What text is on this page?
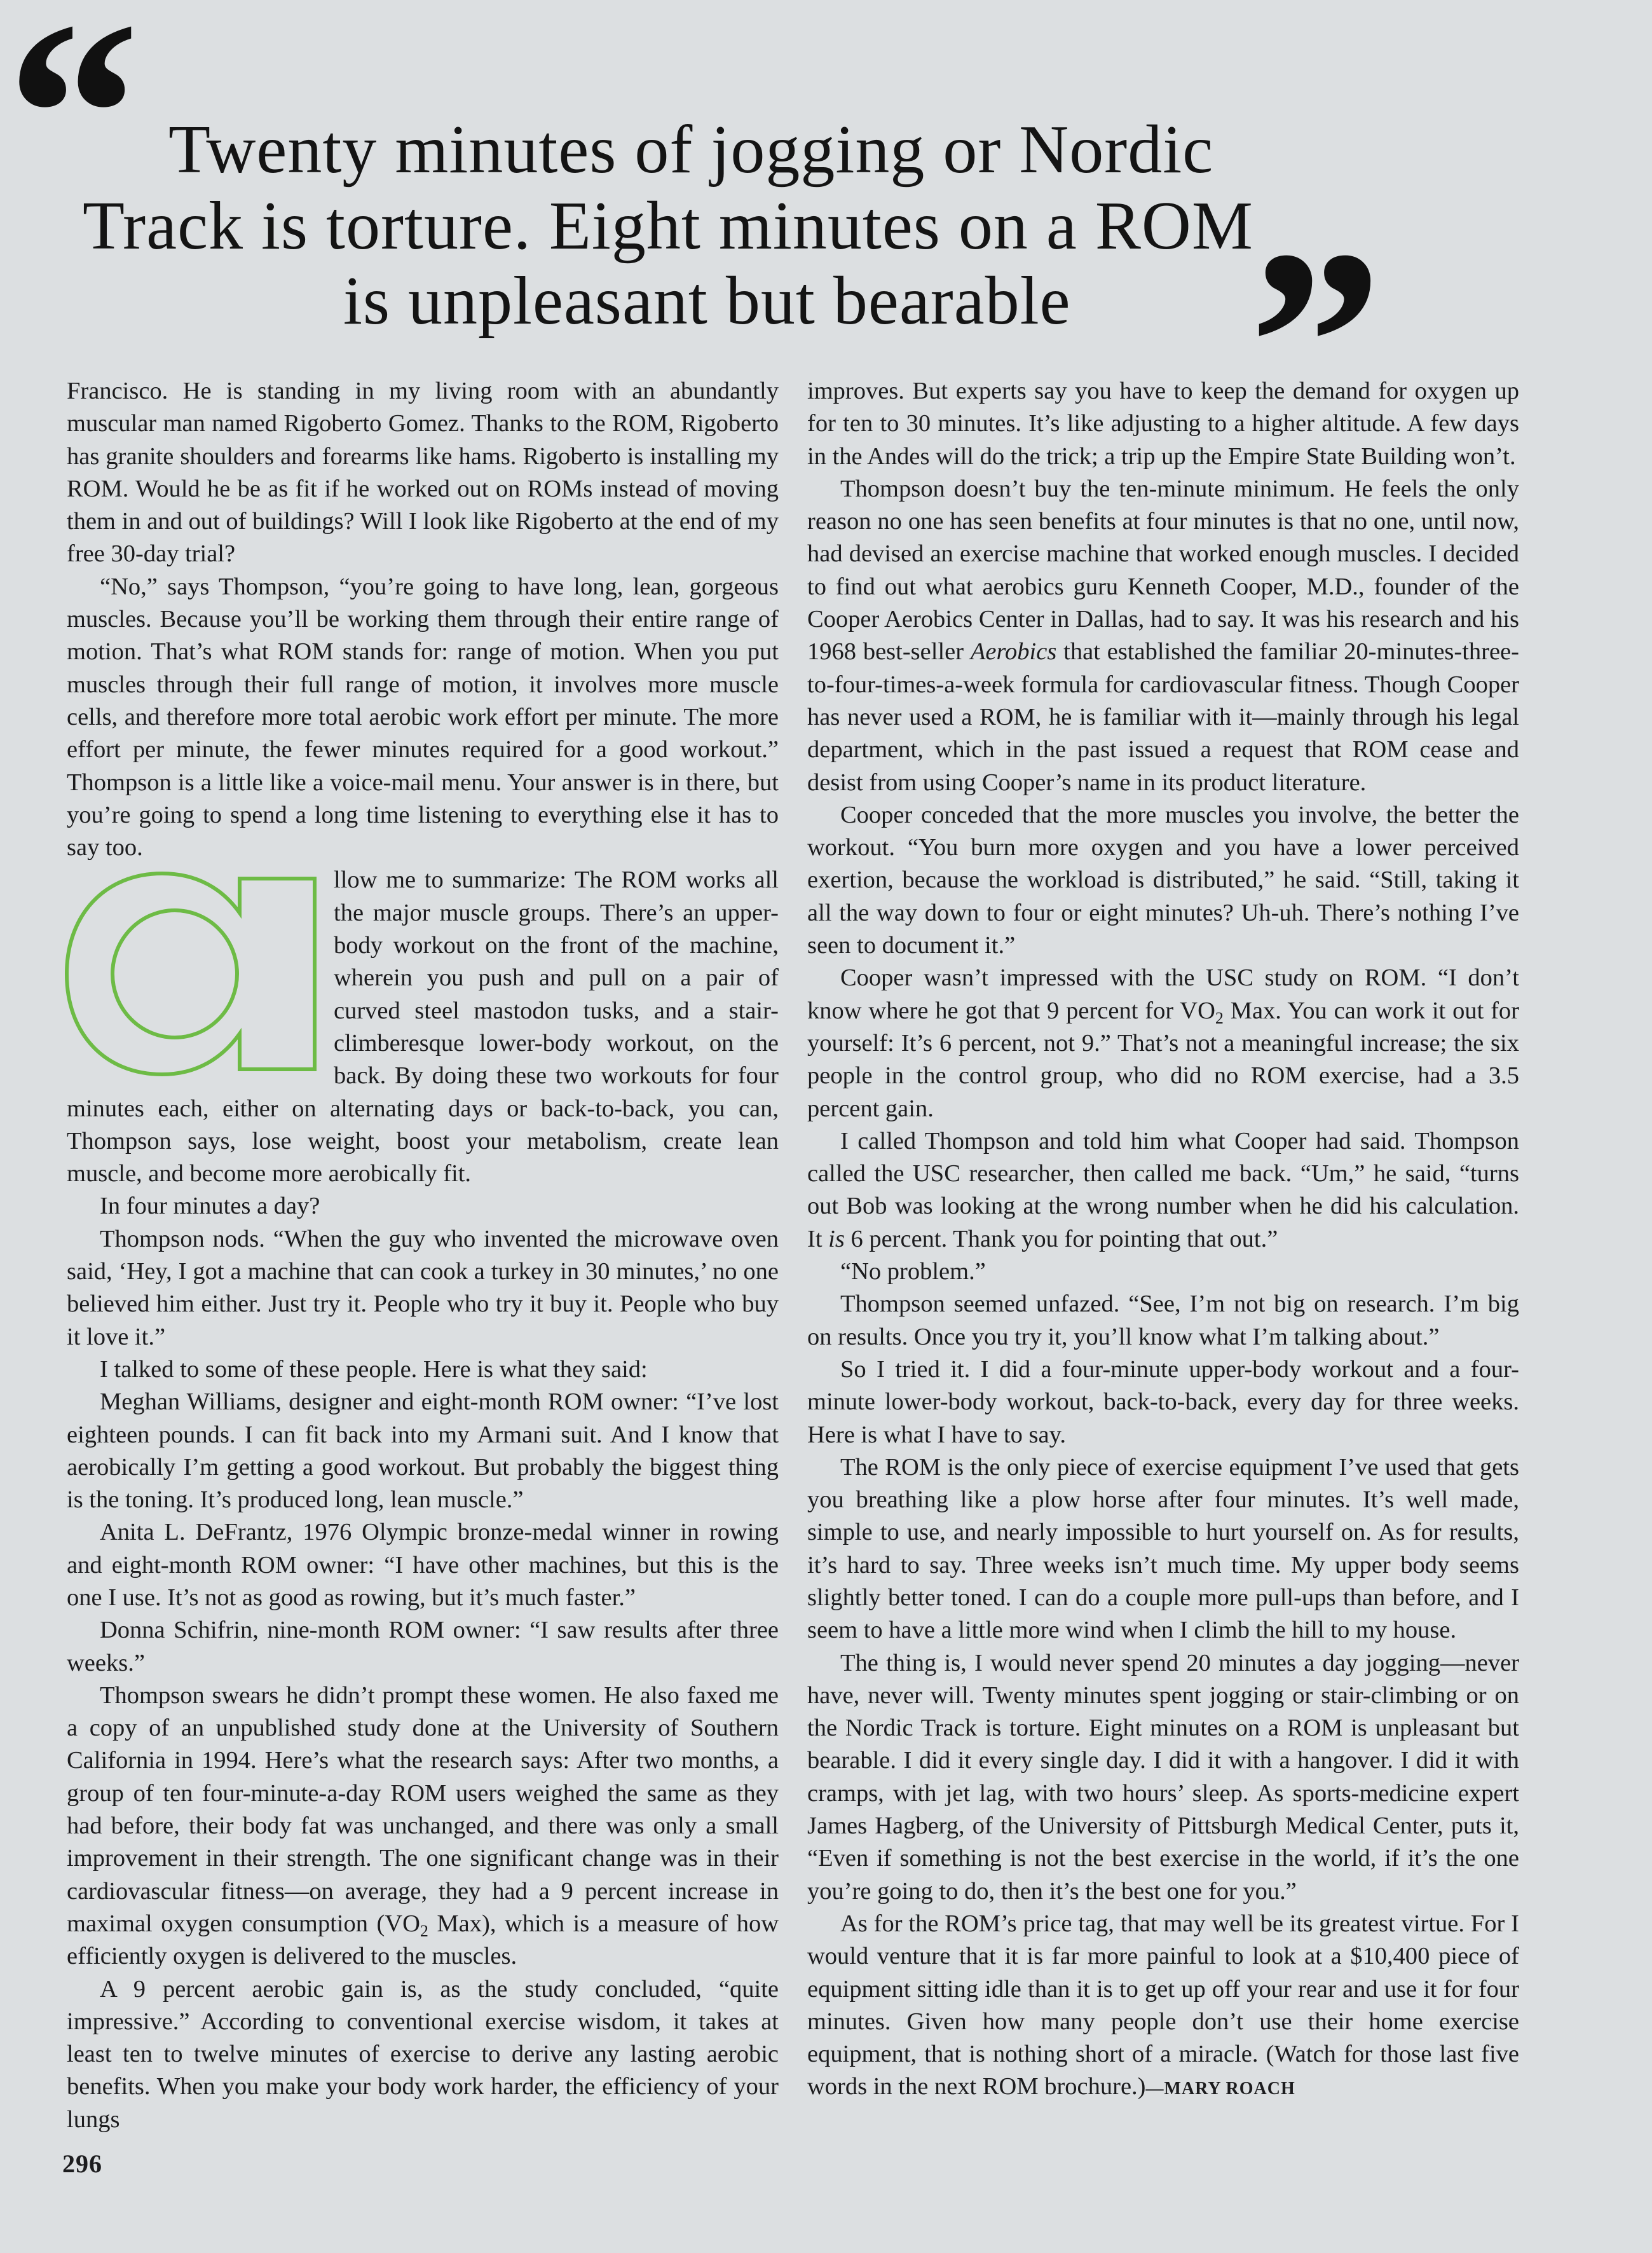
“ Twenty minutes of jogging or Nordic
Track is torture. Eight minutes on a ROM
is unpleasant but bearable ”

Francisco. He is standing in my living room with an abundantly muscular man named Rigoberto Gomez. Thanks to the ROM, Rigoberto has granite shoulders and forearms like hams. Rigoberto is installing my ROM. Would he be as fit if he worked out on ROMs instead of moving them in and out of buildings? Will I look like Rigoberto at the end of my free 30-day trial?

“No,” says Thompson, “you’re going to have long, lean, gorgeous muscles. Because you’ll be working them through their entire range of motion. That’s what ROM stands for: range of motion. When you put muscles through their full range of motion, it involves more muscle cells, and therefore more total aerobic work effort per minute. The more effort per minute, the fewer minutes required for a good workout.” Thompson is a little like a voice-mail menu. Your answer is in there, but you’re going to spend a long time listening to everything else it has to say too.

llow me to summarize: The ROM works all the major muscle groups. There’s an upper-body workout on the front of the machine, wherein you push and pull on a pair of curved steel mastodon tusks, and a stair-climberesque lower-body workout, on the back. By doing these two workouts for four minutes each, either on alternating days or back-to-back, you can, Thompson says, lose weight, boost your metabolism, create lean muscle, and become more aerobically fit.

In four minutes a day?

Thompson nods. “When the guy who invented the microwave oven said, ‘Hey, I got a machine that can cook a turkey in 30 minutes,’ no one believed him either. Just try it. People who try it buy it. People who buy it love it.”

I talked to some of these people. Here is what they said:

Meghan Williams, designer and eight-month ROM owner: “I’ve lost eighteen pounds. I can fit back into my Armani suit. And I know that aerobically I’m getting a good workout. But probably the biggest thing is the toning. It’s produced long, lean muscle.”

Anita L. DeFrantz, 1976 Olympic bronze-medal winner in rowing and eight-month ROM owner: “I have other machines, but this is the one I use. It’s not as good as rowing, but it’s much faster.”

Donna Schifrin, nine-month ROM owner: “I saw results after three weeks.”

Thompson swears he didn’t prompt these women. He also faxed me a copy of an unpublished study done at the University of Southern California in 1994. Here’s what the research says: After two months, a group of ten four-minute-a-day ROM users weighed the same as they had before, their body fat was unchanged, and there was only a small improvement in their strength. The one significant change was in their cardiovascular fitness—on average, they had a 9 percent increase in maximal oxygen consumption ($VO_2$ Max), which is a measure of how efficiently oxygen is delivered to the muscles.

A 9 percent aerobic gain is, as the study concluded, “quite impressive.” According to conventional exercise wisdom, it takes at least ten to twelve minutes of exercise to derive any lasting aerobic benefits. When you make your body work harder, the efficiency of your lungs

improves. But experts say you have to keep the demand for oxygen up for ten to 30 minutes. It’s like adjusting to a higher altitude. A few days in the Andes will do the trick; a trip up the Empire State Building won’t.

Thompson doesn’t buy the ten-minute minimum. He feels the only reason no one has seen benefits at four minutes is that no one, until now, had devised an exercise machine that worked enough muscles. I decided to find out what aerobics guru Kenneth Cooper, M.D., founder of the Cooper Aerobics Center in Dallas, had to say. It was his research and his 1968 best-seller Aerobics that established the familiar 20-minutes-three-to-four-times-a-week formula for cardiovascular fitness. Though Cooper has never used a ROM, he is familiar with it—mainly through his legal department, which in the past issued a request that ROM cease and desist from using Cooper’s name in its product literature.

Cooper conceded that the more muscles you involve, the better the workout. “You burn more oxygen and you have a lower perceived exertion, because the workload is distributed,” he said. “Still, taking it all the way down to four or eight minutes? Uh-uh. There’s nothing I’ve seen to document it.”

Cooper wasn’t impressed with the USC study on ROM. “I don’t know where he got that 9 percent for $VO_2$ Max. You can work it out for yourself: It’s 6 percent, not 9.” That’s not a meaningful increase; the six people in the control group, who did no ROM exercise, had a 3.5 percent gain.

I called Thompson and told him what Cooper had said. Thompson called the USC researcher, then called me back. “Um,” he said, “turns out Bob was looking at the wrong number when he did his calculation. It is 6 percent. Thank you for pointing that out.”

“No problem.”

Thompson seemed unfazed. “See, I’m not big on research. I’m big on results. Once you try it, you’ll know what I’m talking about.”

So I tried it. I did a four-minute upper-body workout and a four-minute lower-body workout, back-to-back, every day for three weeks. Here is what I have to say.

The ROM is the only piece of exercise equipment I’ve used that gets you breathing like a plow horse after four minutes. It’s well made, simple to use, and nearly impossible to hurt yourself on. As for results, it’s hard to say. Three weeks isn’t much time. My upper body seems slightly better toned. I can do a couple more pull-ups than before, and I seem to have a little more wind when I climb the hill to my house.

The thing is, I would never spend 20 minutes a day jogging—never have, never will. Twenty minutes spent jogging or stair-climbing or on the Nordic Track is torture. Eight minutes on a ROM is unpleasant but bearable. I did it every single day. I did it with a hangover. I did it with cramps, with jet lag, with two hours’ sleep. As sports-medicine expert James Hagberg, of the University of Pittsburgh Medical Center, puts it, “Even if something is not the best exercise in the world, if it’s the one you’re going to do, then it’s the best one for you.”

As for the ROM’s price tag, that may well be its greatest virtue. For I would venture that it is far more painful to look at a $10,400 piece of equipment sitting idle than it is to get up off your rear and use it for four minutes. Given how many people don’t use their home exercise equipment, that is nothing short of a miracle. (Watch for those last five words in the next ROM brochure.)—MARY ROACH

296
